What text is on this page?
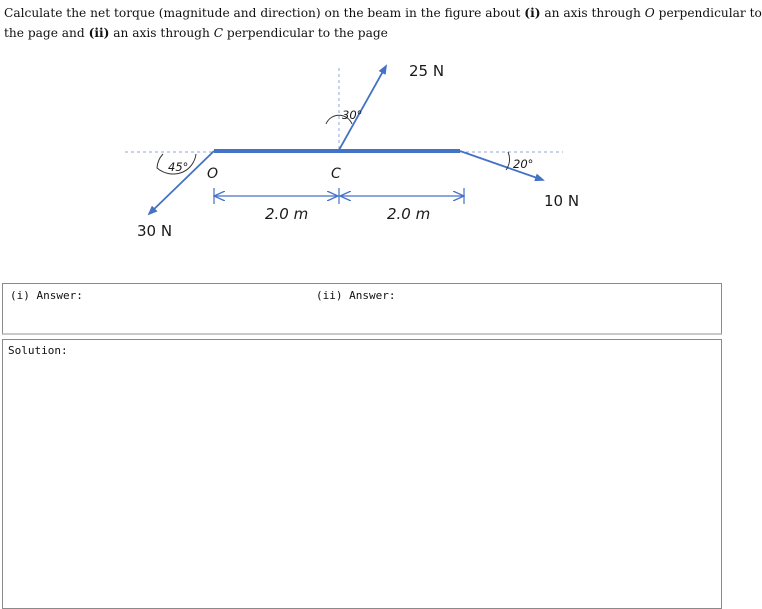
Calculate the net torque (magnitude and direction) on the beam in the figure about (i) an axis through O perpendicular to
the page and (ii) an axis through C perpendicular to the page
25 N
10 N
30 N
30°
45°	20°
O	C
2.0 m	2.0 m
(i) Answer:	(ii) Answer:
Solution:
